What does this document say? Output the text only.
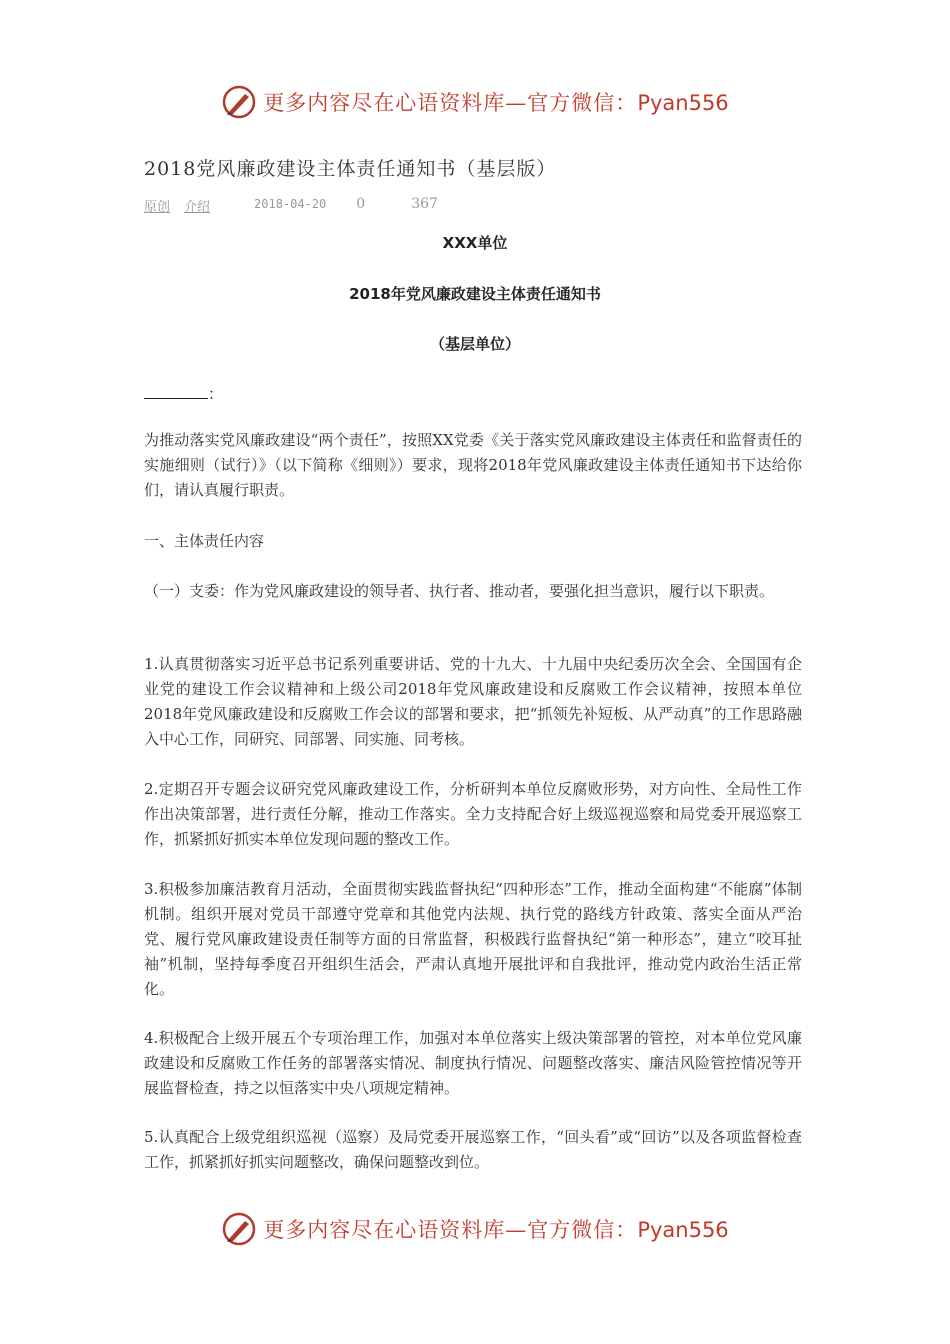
更多内容尽在心语资料库—官方微信：Pyan556
2018党风廉政建设主体责任通知书（基层版）
原创 介绍	2018-04-20 0	367
XXX单位
2018年党风廉政建设主体责任通知书
（基层单位）
：

为推动落实党风廉政建设“两个责任”，按照XX党委《关于落实党风廉政建设主体责任和监督责任的实施细则（试行）》（以下简称《细则》）要求，现将2018年党风廉政建设主体责任通知书下达给你们，请认真履行职责。

一、主体责任内容

（一）支委：作为党风廉政建设的领导者、执行者、推动者，要强化担当意识，履行以下职责。

1.认真贯彻落实习近平总书记系列重要讲话、党的十九大、十九届中央纪委历次全会、全国国有企业党的建设工作会议精神和上级公司2018年党风廉政建设和反腐败工作会议精神，按照本单位2018年党风廉政建设和反腐败工作会议的部署和要求，把“抓领先补短板、从严动真”的工作思路融入中心工作，同研究、同部署、同实施、同考核。

2.定期召开专题会议研究党风廉政建设工作，分析研判本单位反腐败形势，对方向性、全局性工作作出决策部署，进行责任分解，推动工作落实。全力支持配合好上级巡视巡察和局党委开展巡察工作，抓紧抓好抓实本单位发现问题的整改工作。

3.积极参加廉洁教育月活动，全面贯彻实践监督执纪“四种形态”工作，推动全面构建“不能腐”体制机制。组织开展对党员干部遵守党章和其他党内法规、执行党的路线方针政策、落实全面从严治党、履行党风廉政建设责任制等方面的日常监督，积极践行监督执纪“第一种形态”，建立“咬耳扯袖”机制，坚持每季度召开组织生活会，严肃认真地开展批评和自我批评，推动党内政治生活正常化。

4.积极配合上级开展五个专项治理工作，加强对本单位落实上级决策部署的管控，对本单位党风廉政建设和反腐败工作任务的部署落实情况、制度执行情况、问题整改落实、廉洁风险管控情况等开展监督检查，持之以恒落实中央八项规定精神。

5.认真配合上级党组织巡视（巡察）及局党委开展巡察工作，“回头看”或“回访”以及各项监督检查工作，抓紧抓好抓实问题整改，确保问题整改到位。

更多内容尽在心语资料库—官方微信：Pyan556
